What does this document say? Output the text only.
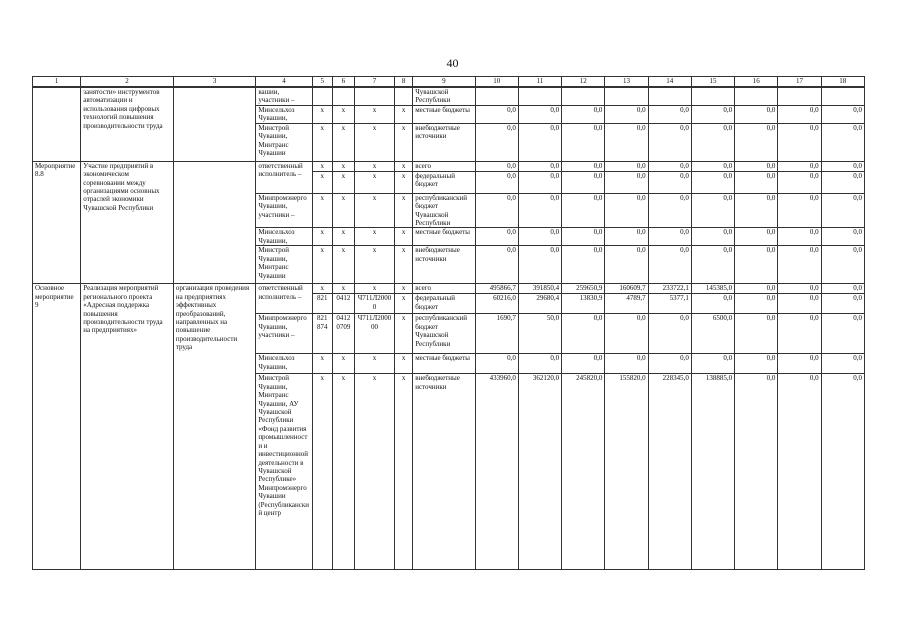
40
1	2	3	4	5	6	7	8	9	10	11	12	13	14	15	16	17	18
	занятости» инструментов автоматизации и использования цифровых технологий повышения производительности труда		вашии, участники –					Чувашской Республики									
			Минсельхоз Чувашии,	x	x	x	x	местные бюджеты	0,0	0,0	0,0	0,0	0,0	0,0	0,0	0,0	0,0
			Минстрой Чувашии, Минтранс Чувашии	x	x	x	x	внебюджетные источники	0,0	0,0	0,0	0,0	0,0	0,0	0,0	0,0	0,0
Мероприятие 8.8	Участие предприятий в экономическом соревновании между организациями основных отраслей экономики Чувашской Республики		ответственный исполнитель –	x	x	x	x	всего	0,0	0,0	0,0	0,0	0,0	0,0	0,0	0,0	0,0
				x	x	x	x	федеральный бюджет	0,0	0,0	0,0	0,0	0,0	0,0	0,0	0,0	0,0
			Минпромэнерго Чувашии, участники –	x	x	x	x	республиканский бюджет Чувашской Республики	0,0	0,0	0,0	0,0	0,0	0,0	0,0	0,0	0,0
			Минсельхоз Чувашии,	x	x	x	x	местные бюджеты	0,0	0,0	0,0	0,0	0,0	0,0	0,0	0,0	0,0
			Минстрой Чувашии, Минтранс Чувашии	x	x	x	x	внебюджетные источники	0,0	0,0	0,0	0,0	0,0	0,0	0,0	0,0	0,0
Основное мероприятие 9	Реализация мероприятий регионального проекта «Адресная поддержка повышения производительности труда на предприятиях»	организация проведения на предприятиях эффективных преобразований, направленных на повышение производительности труда	ответственный исполнитель –	x	x	x	x	всего	495866,7	391850,4	259650,9	160609,7	233722,1	145385,0	0,0	0,0	0,0
				821	0412	Ч711Л20000	x	федеральный бюджет	60216,0	29680,4	13830,9	4789,7	5377,1	0,0	0,0	0,0	0,0
			Минпромэнерго Чувашии, участники –	821 874	0412 0709	Ч711Л200000	x	республиканский бюджет Чувашской Республики	1690,7	50,0	0,0	0,0	0,0	6500,0	0,0	0,0	0,0
			Минсельхоз Чувашии,	x	x	x	x	местные бюджеты	0,0	0,0	0,0	0,0	0,0	0,0	0,0	0,0	0,0
			Минстрой Чувашии, Минтранс Чувашии, АУ Чувашской Республики «Фонд развития промышленности и инвестиционной деятельности в Чувашской Республике» Минпромэнерго Чувашии (Республиканский центр	x	x	x	x	внебюджетные источники	433960,0	362120,0	245820,0	155820,0	228345,0	138885,0	0,0	0,0	0,0
